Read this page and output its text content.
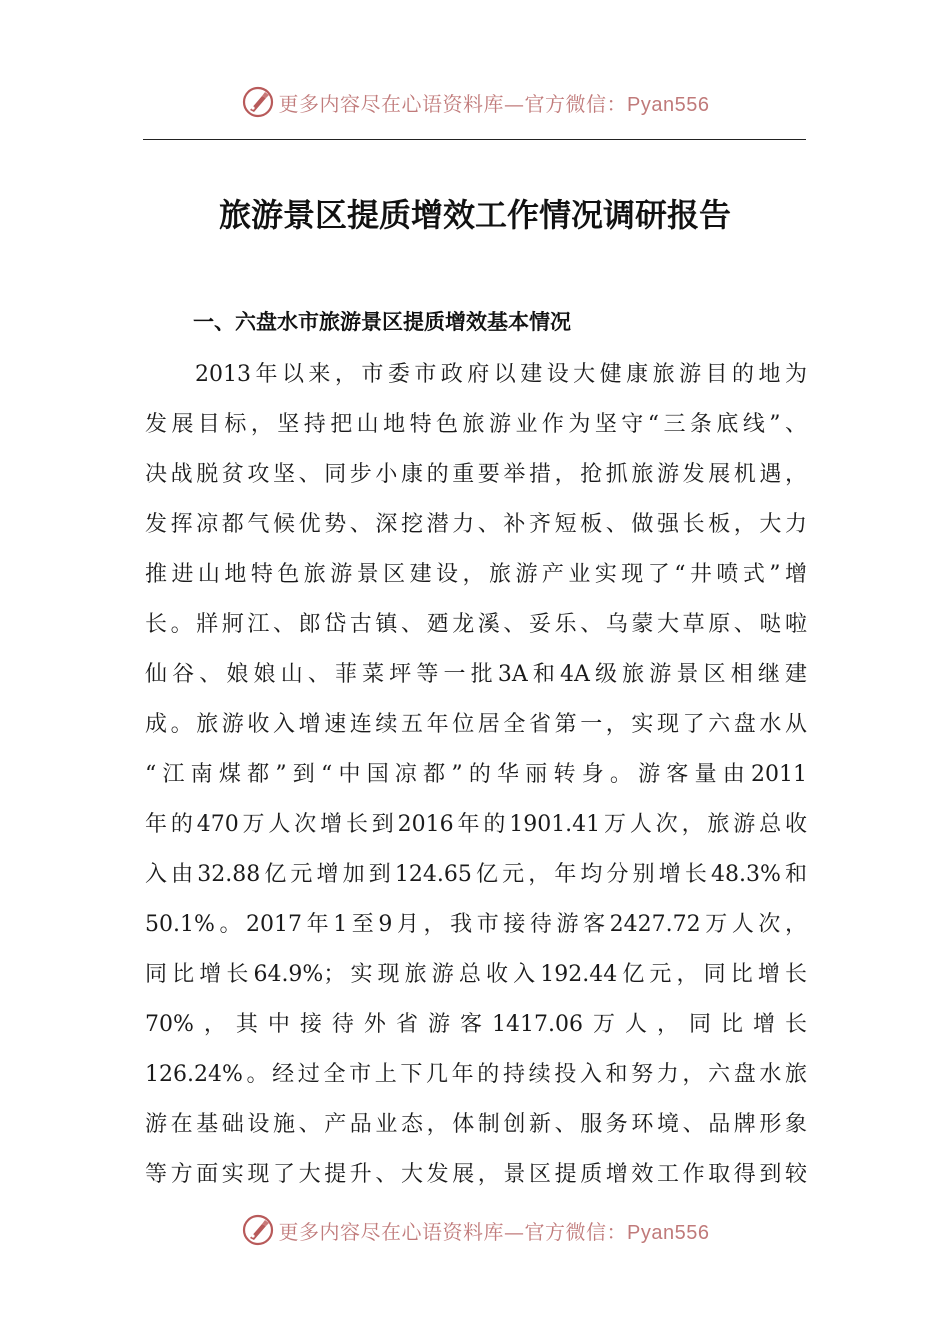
更多内容尽在心语资料库—官方微信：Pyan556
旅游景区提质增效工作情况调研报告
一、六盘水市旅游景区提质增效基本情况
2013年以来，市委市政府以建设大健康旅游目的地为
发展目标，坚持把山地特色旅游业作为坚守“三条底线”、
决战脱贫攻坚、同步小康的重要举措，抢抓旅游发展机遇，
发挥凉都气候优势、深挖潜力、补齐短板、做强长板，大力
推进山地特色旅游景区建设，旅游产业实现了“井喷式”增
长。牂牁江、郎岱古镇、廼龙溪、妥乐、乌蒙大草原、哒啦
仙谷、娘娘山、菲菜坪等一批3A和4A级旅游景区相继建
成。旅游收入增速连续五年位居全省第一，实现了六盘水从
“江南煤都”到“中国凉都”的华丽转身。游客量由2011
年的470万人次增长到2016年的1901.41万人次，旅游总收
入由32.88亿元增加到124.65亿元，年均分别增长48.3%和
50.1%。2017年1至9月，我市接待游客2427.72万人次，
同比增长64.9%；实现旅游总收入192.44亿元，同比增长
70%，其中接待外省游客1417.06万人，同比增长
126.24%。经过全市上下几年的持续投入和努力，六盘水旅
游在基础设施、产品业态，体制创新、服务环境、品牌形象
等方面实现了大提升、大发展，景区提质增效工作取得到较
更多内容尽在心语资料库—官方微信：Pyan556
